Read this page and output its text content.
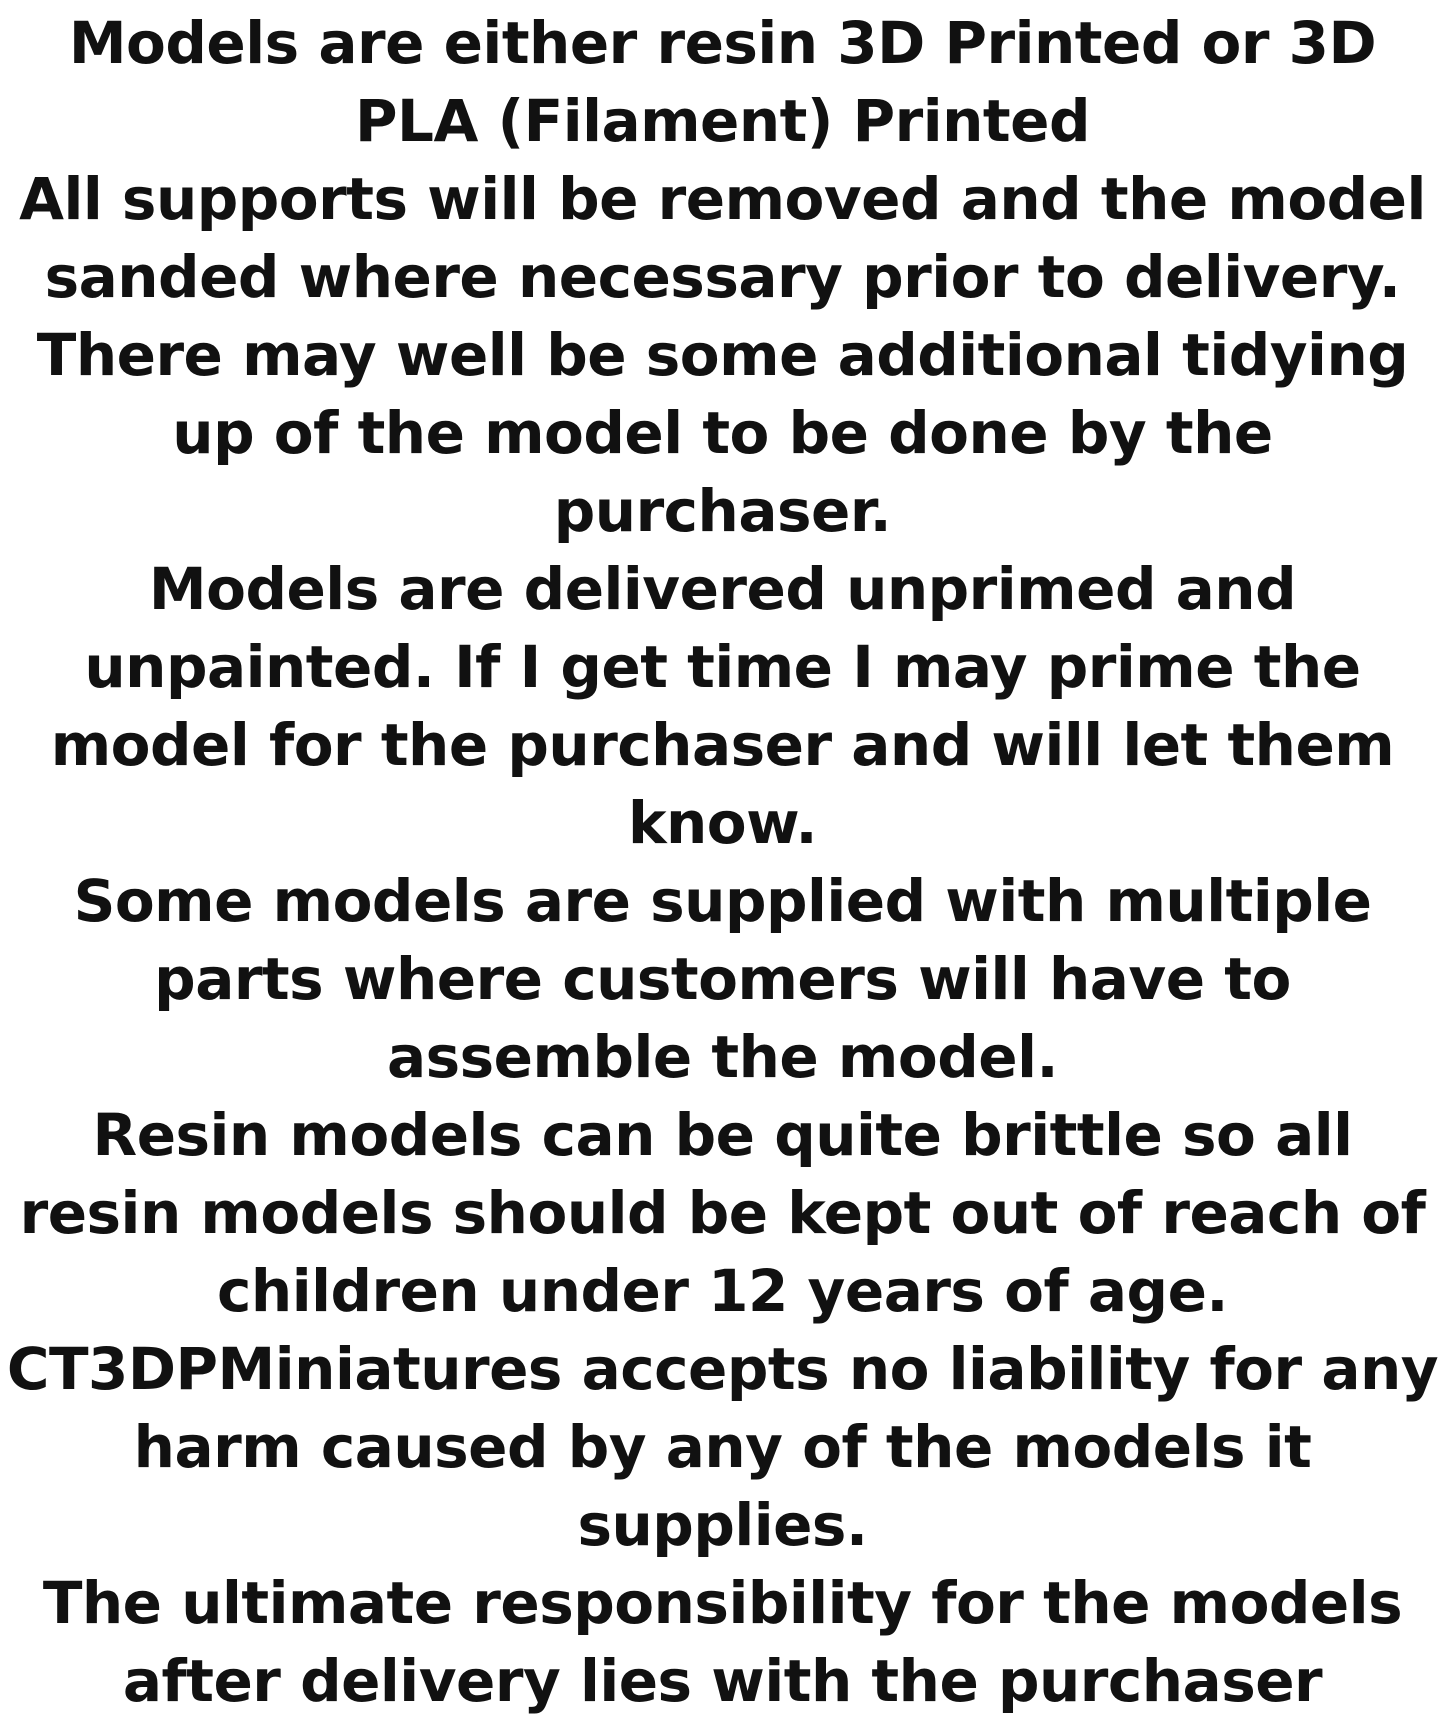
Models are either resin 3D Printed or 3D PLA (Filament) Printed

All supports will be removed and the model sanded where necessary prior to delivery.

There may well be some additional tidying up of the model to be done by the purchaser.

Models are delivered unprimed and unpainted. If I get time I may prime the model for the purchaser and will let them know.

Some models are supplied with multiple parts where customers will have to assemble the model.

Resin models can be quite brittle so all resin models should be kept out of reach of children under 12 years of age.

CT3DPMiniatures accepts no liability for any harm caused by any of the models it supplies.

The ultimate responsibility for the models after delivery lies with the purchaser
